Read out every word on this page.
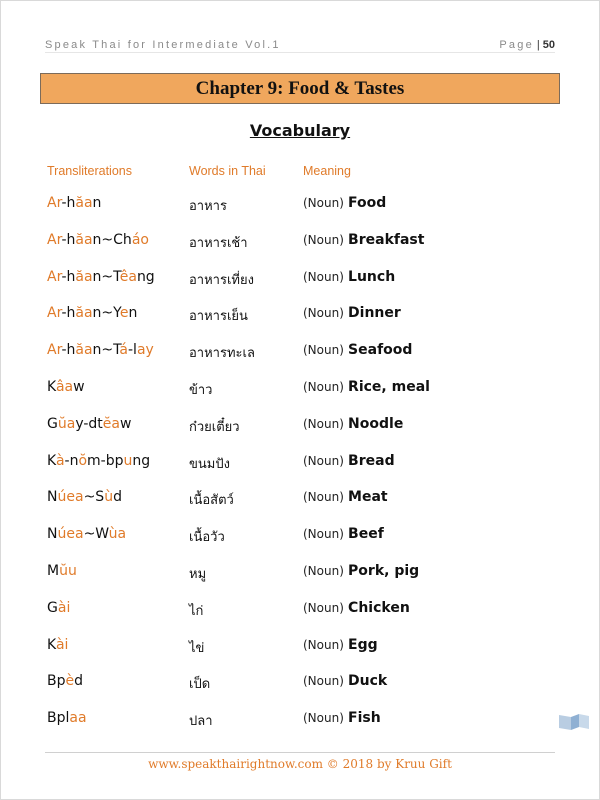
Speak Thai for Intermediate Vol.1	Page | 50
Chapter 9: Food & Tastes
Vocabulary
Transliterations	Words in Thai	Meaning
Ar-hăan	อาหาร	(Noun) Food
Ar-hăan~Cháo	อาหารเช้า	(Noun) Breakfast
Ar-hăan~Têang	อาหารเที่ยง	(Noun) Lunch
Ar-hăan~Yen	อาหารเย็น	(Noun) Dinner
Ar-hăan~Tá-lay	อาหารทะเล	(Noun) Seafood
Kâaw	ข้าว	(Noun) Rice, meal
Gŭay-dtĕaw	ก๋วยเตี๋ยว	(Noun) Noodle
Kà-nŏm-bpung	ขนมปัง	(Noun) Bread
Núea~Sùd	เนื้อสัตว์	(Noun) Meat
Núea~Wùa	เนื้อวัว	(Noun) Beef
Mŭu	หมู	(Noun) Pork, pig
Gài	ไก่	(Noun) Chicken
Kài	ไข่	(Noun) Egg
Bpèd	เป็ด	(Noun) Duck
Bplaa	ปลา	(Noun) Fish
www.speakthairightnow.com © 2018 by Kruu Gift
